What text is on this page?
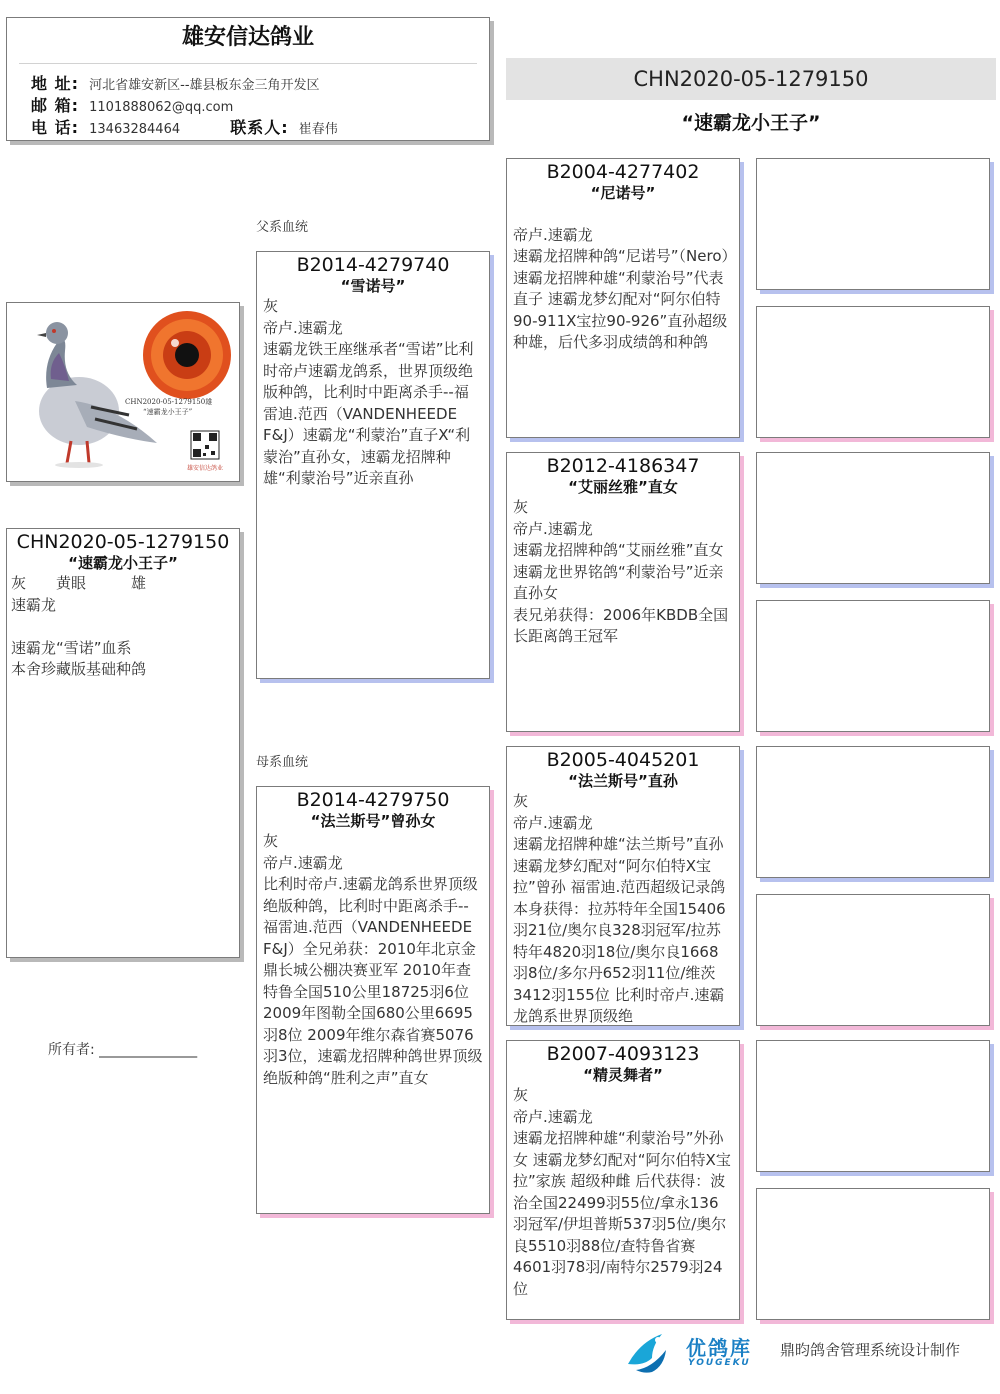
雄安信达鸽业
地 址: 河北省雄安新区--雄县板东金三角开发区
邮 箱: 1101888062@qq.com
电 话: 13463284464	联系人: 崔春伟
CHN2020-05-1279150
“速霸龙小王子”
父系血统
母系血统
CHN2020-05-1279150雄
“速霸龙小王子”
雄安信达鸽业
CHN2020-05-1279150
“速霸龙小王子”
灰　　黄眼　　　雄
速霸龙

速霸龙“雪诺”血系
本舍珍藏版基础种鸽
所有者: ______________
B2014-4279740
“雪诺号”
灰
帝卢.速霸龙
速霸龙铁王座继承者“雪诺”比利时帝卢速霸龙鸽系，世界顶级绝版种鸽，比利时中距离杀手--福雷迪.范西（VANDENHEEDE F&J）速霸龙“利蒙治”直子X“利蒙治”直孙女，速霸龙招牌种雄“利蒙治号”近亲直孙
B2014-4279750
“法兰斯号”曾孙女
灰
帝卢.速霸龙
比利时帝卢.速霸龙鸽系世界顶级绝版种鸽，比利时中距离杀手--福雷迪.范西（VANDENHEEDE F&J）全兄弟获：2010年北京金鼎长城公棚决赛亚军 2010年查特鲁全国510公里18725羽6位 2009年图勒全国680公里6695羽8位 2009年维尔森省赛5076羽3位，速霸龙招牌种鸽世界顶级绝版种鸽“胜利之声”直女
B2004-4277402
“尼诺号”

帝卢.速霸龙
速霸龙招牌种鸽“尼诺号”（Nero）速霸龙招牌种雄“利蒙治号”代表直子 速霸龙梦幻配对“阿尔伯特90-911X宝拉90-926”直孙超级种雄，后代多羽成绩鸽和种鸽
B2012-4186347
“艾丽丝雅”直女
灰
帝卢.速霸龙
速霸龙招牌种鸽“艾丽丝雅”直女
速霸龙世界铭鸽“利蒙治号”近亲直孙女
表兄弟获得：2006年KBDB全国长距离鸽王冠军
B2005-4045201
“法兰斯号”直孙
灰
帝卢.速霸龙
速霸龙招牌种雄“法兰斯号”直孙 速霸龙梦幻配对“阿尔伯特X宝拉”曾孙 福雷迪.范西超级记录鸽本身获得：拉苏特年全国15406羽21位/奥尔良328羽冠军/拉苏特年4820羽18位/奥尔良1668羽8位/多尔丹652羽11位/维茨3412羽155位 比利时帝卢.速霸龙鸽系世界顶级绝
B2007-4093123
“精灵舞者”
灰
帝卢.速霸龙
速霸龙招牌种雄“利蒙治号”外孙女 速霸龙梦幻配对“阿尔伯特X宝拉”家族 超级种雌 后代获得：波治全国22499羽55位/拿永136羽冠军/伊坦普斯537羽5位/奥尔良5510羽88位/查特鲁省赛4601羽78羽/南特尔2579羽24位
优鸽库
YOUGEKU
鼎昀鸽舍管理系统设计制作
